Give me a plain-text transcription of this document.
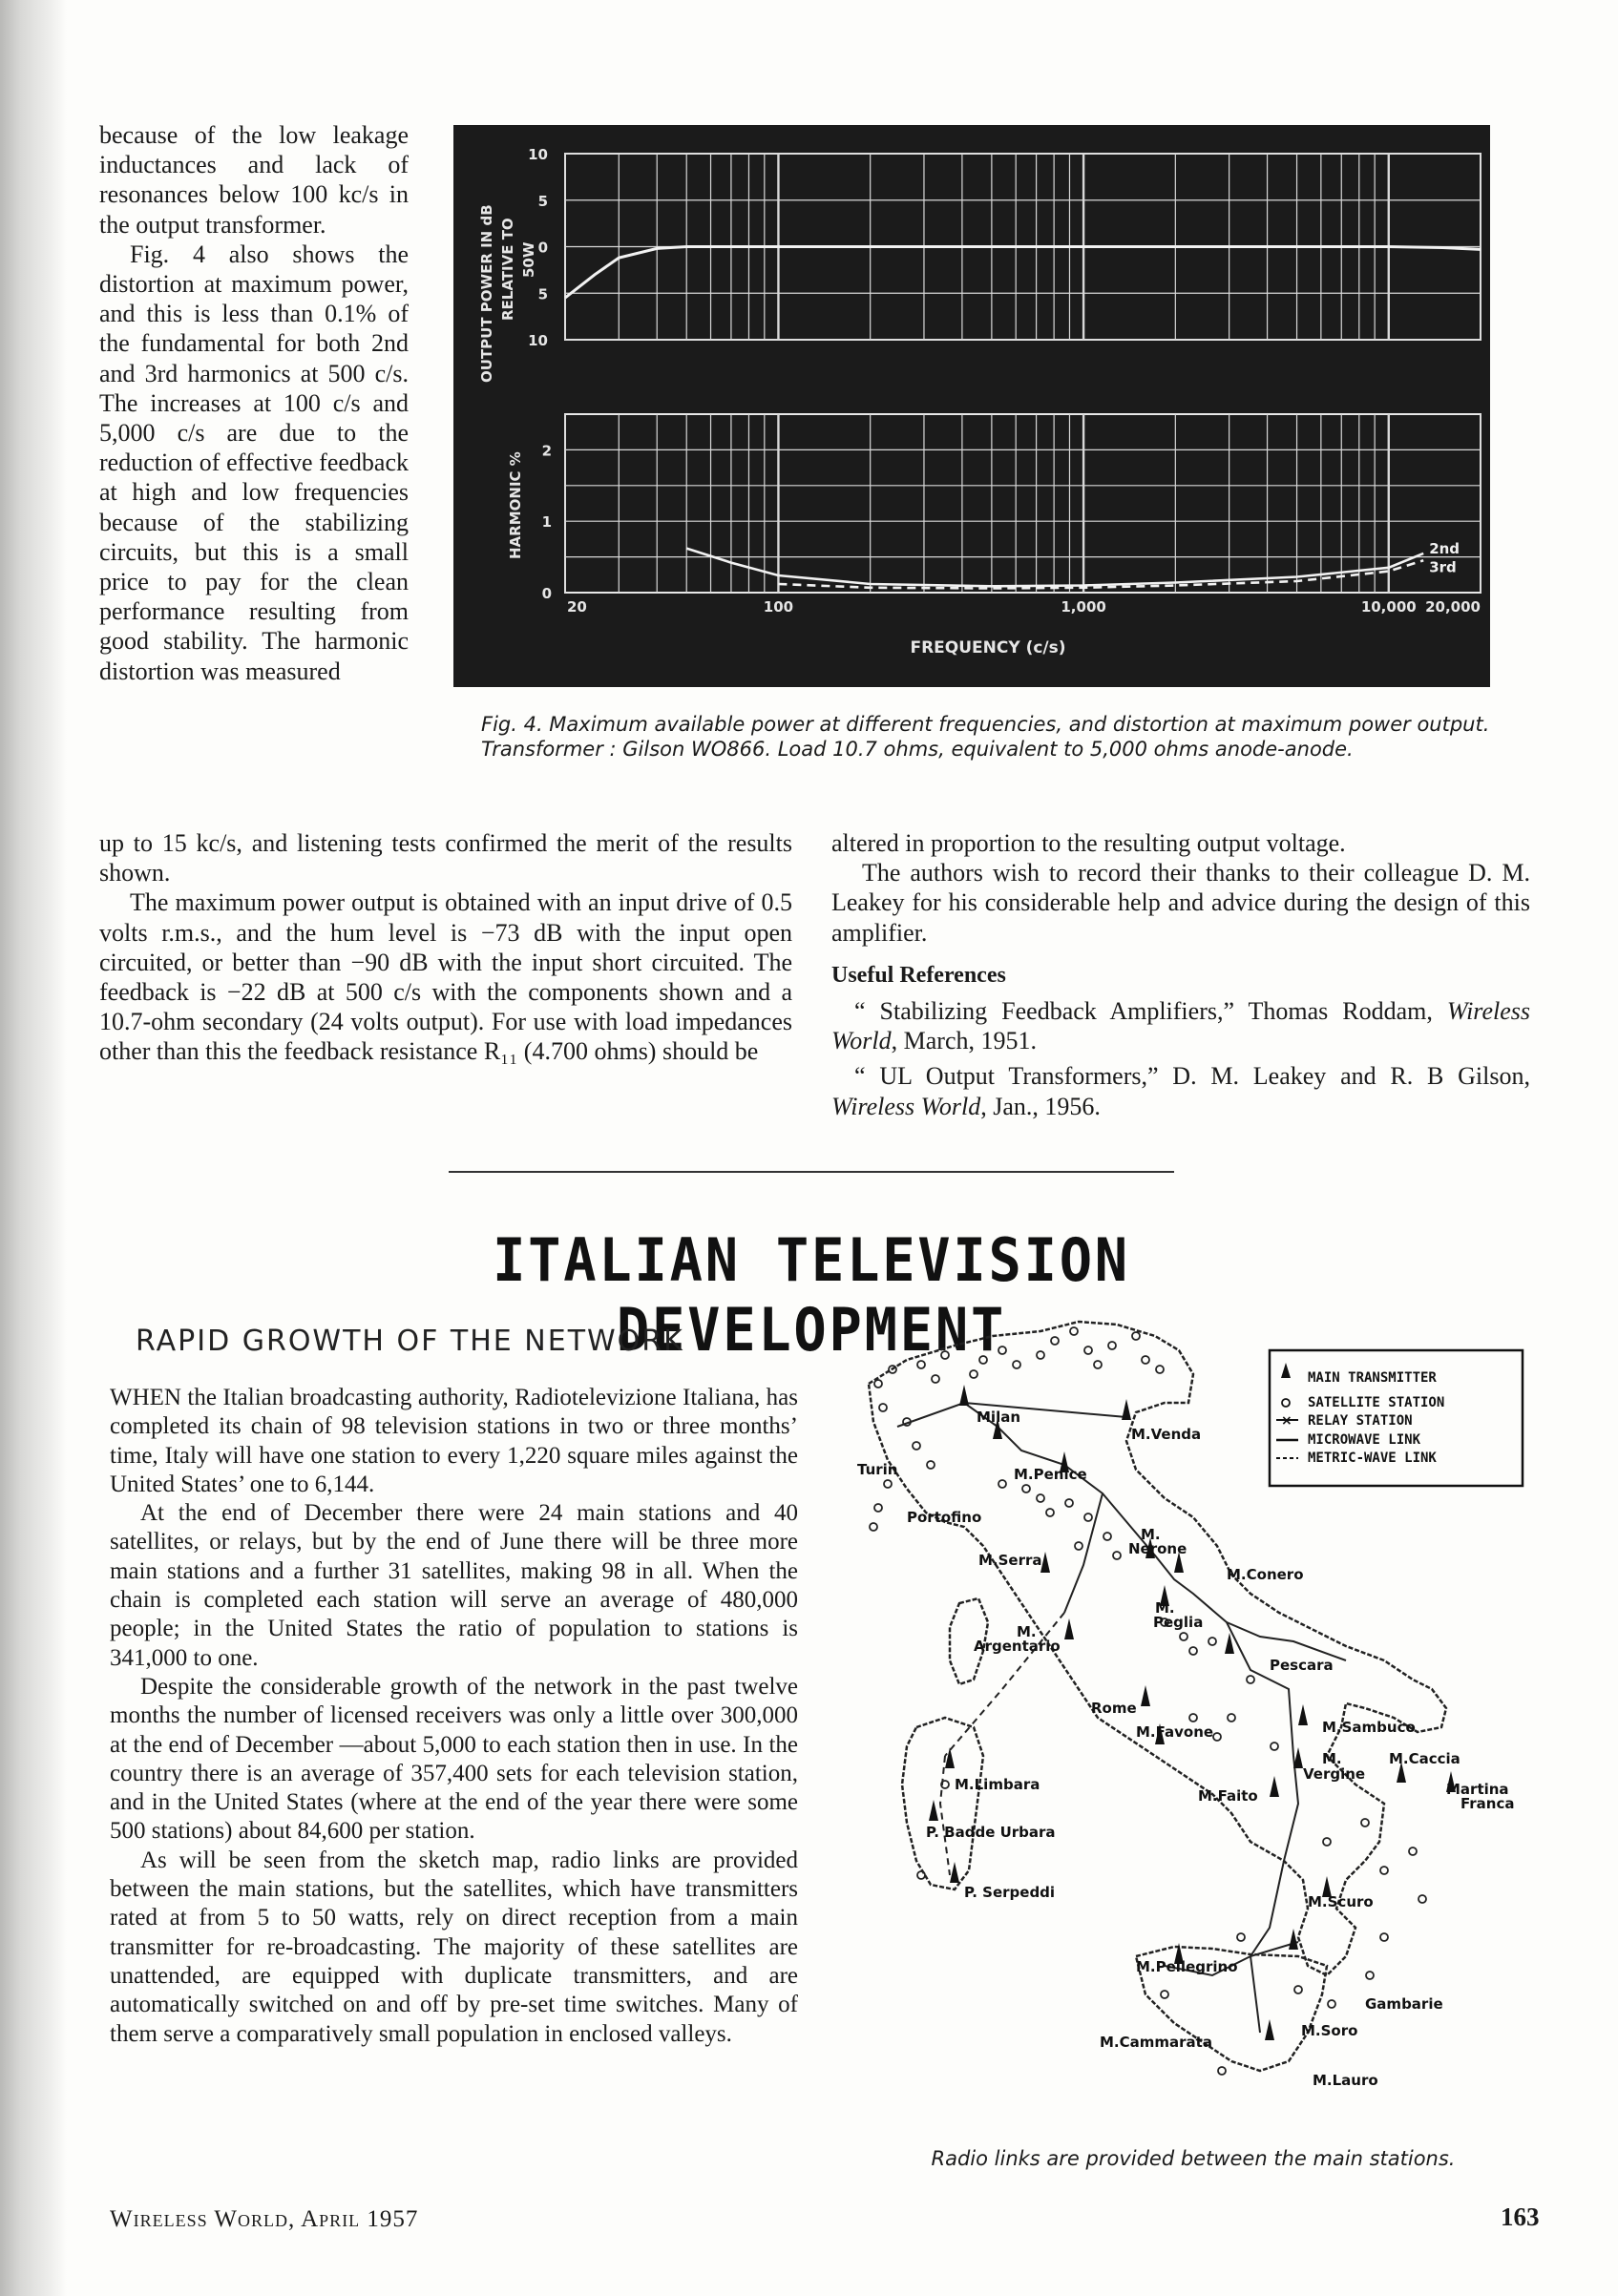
because of the low leakage inductances and lack of resonances below 100 kc/s in the output transformer.

Fig. 4 also shows the distortion at maximum power, and this is less than 0.1% of the fundamental for both 2nd and 3rd harmonics at 500 c/s. The increases at 100 c/s and 5,000 c/s are due to the reduction of effective feedback at high and low frequencies because of the stabilizing circuits, but this is a small price to pay for the clean performance resulting from good stability. The harmonic distortion was measured

10
5
0
5
10
0
1
2
20	100	1,000	10,000 20,000
2nd
3rd
OUTPUT POWER IN dB RELATIVE TO 50W
HARMONIC %
FREQUENCY (c/s)
Fig. 4. Maximum available power at different frequencies, and distortion at maximum power output. Transformer : Gilson WO866. Load 10.7 ohms, equivalent to 5,000 ohms anode-anode.

up to 15 kc/s, and listening tests confirmed the merit of the results shown.

The maximum power output is obtained with an input drive of 0.5 volts r.m.s., and the hum level is −73 dB with the input open circuited, or better than −90 dB with the input short circuited. The feedback is −22 dB at 500 c/s with the components shown and a 10.7-ohm secondary (24 volts output). For use with load impedances other than this the feedback resistance R₁₁ (4.700 ohms) should be

altered in proportion to the resulting output voltage.

The authors wish to record their thanks to their colleague D. M. Leakey for his considerable help and advice during the design of this amplifier.

Useful References

“ Stabilizing Feedback Amplifiers,” Thomas Roddam, Wireless World, March, 1951.

“ UL Output Transformers,” D. M. Leakey and R. B Gilson, Wireless World, Jan., 1956.

ITALIAN TELEVISION DEVELOPMENT
RAPID GROWTH OF THE NETWORK

WHEN the Italian broadcasting authority, Radiotelevizione Italiana, has completed its chain of 98 television stations in two or three months’ time, Italy will have one station to every 1,220 square miles against the United States’ one to 6,144.

At the end of December there were 24 main stations and 40 satellites, or relays, but by the end of June there will be three more main stations and a further 31 satellites, making 98 in all. When the chain is completed each station will serve an average of 480,000 people; in the United States the ratio of population to stations is 341,000 to one.

Despite the considerable growth of the network in the past twelve months the number of licensed receivers was only a little over 300,000 at the end of December —about 5,000 to each station then in use. In the country there is an average of 357,400 sets for each television station, and in the United States (where at the end of the year there were some 500 stations) about 84,600 per station.

As will be seen from the sketch map, radio links are provided between the main stations, but the satellites, which have transmitters rated at from 5 to 50 watts, rely on direct reception from a main transmitter for re-broadcasting. The majority of these satellites are unattended, are equipped with duplicate transmitters, and are automatically switched on and off by pre-set time switches. Many of them serve a comparatively small population in enclosed valleys.

Milan
M.Venda
Turin	M.Penice
Portofino
M.Serra
M.
Nerone
M.Conero
M.
Peglia
M.
Argentario
Pescara
Rome
M.Favone	M.Sambuco
M.Caccia
M.
Vergine
Martina
Franca
M.Faito
M.Limbara
P. Badde Urbara
P. Serpeddi
M.Scuro
M.Pellegrino
Gambarie
M.Soro
M.Cammarata
M.Lauro
×
MAIN TRANSMITTER
SATELLITE STATION
RELAY STATION
MICROWAVE LINK
METRIC-WAVE LINK
Radio links are provided between the main stations.
Wireless World, April 1957	163
